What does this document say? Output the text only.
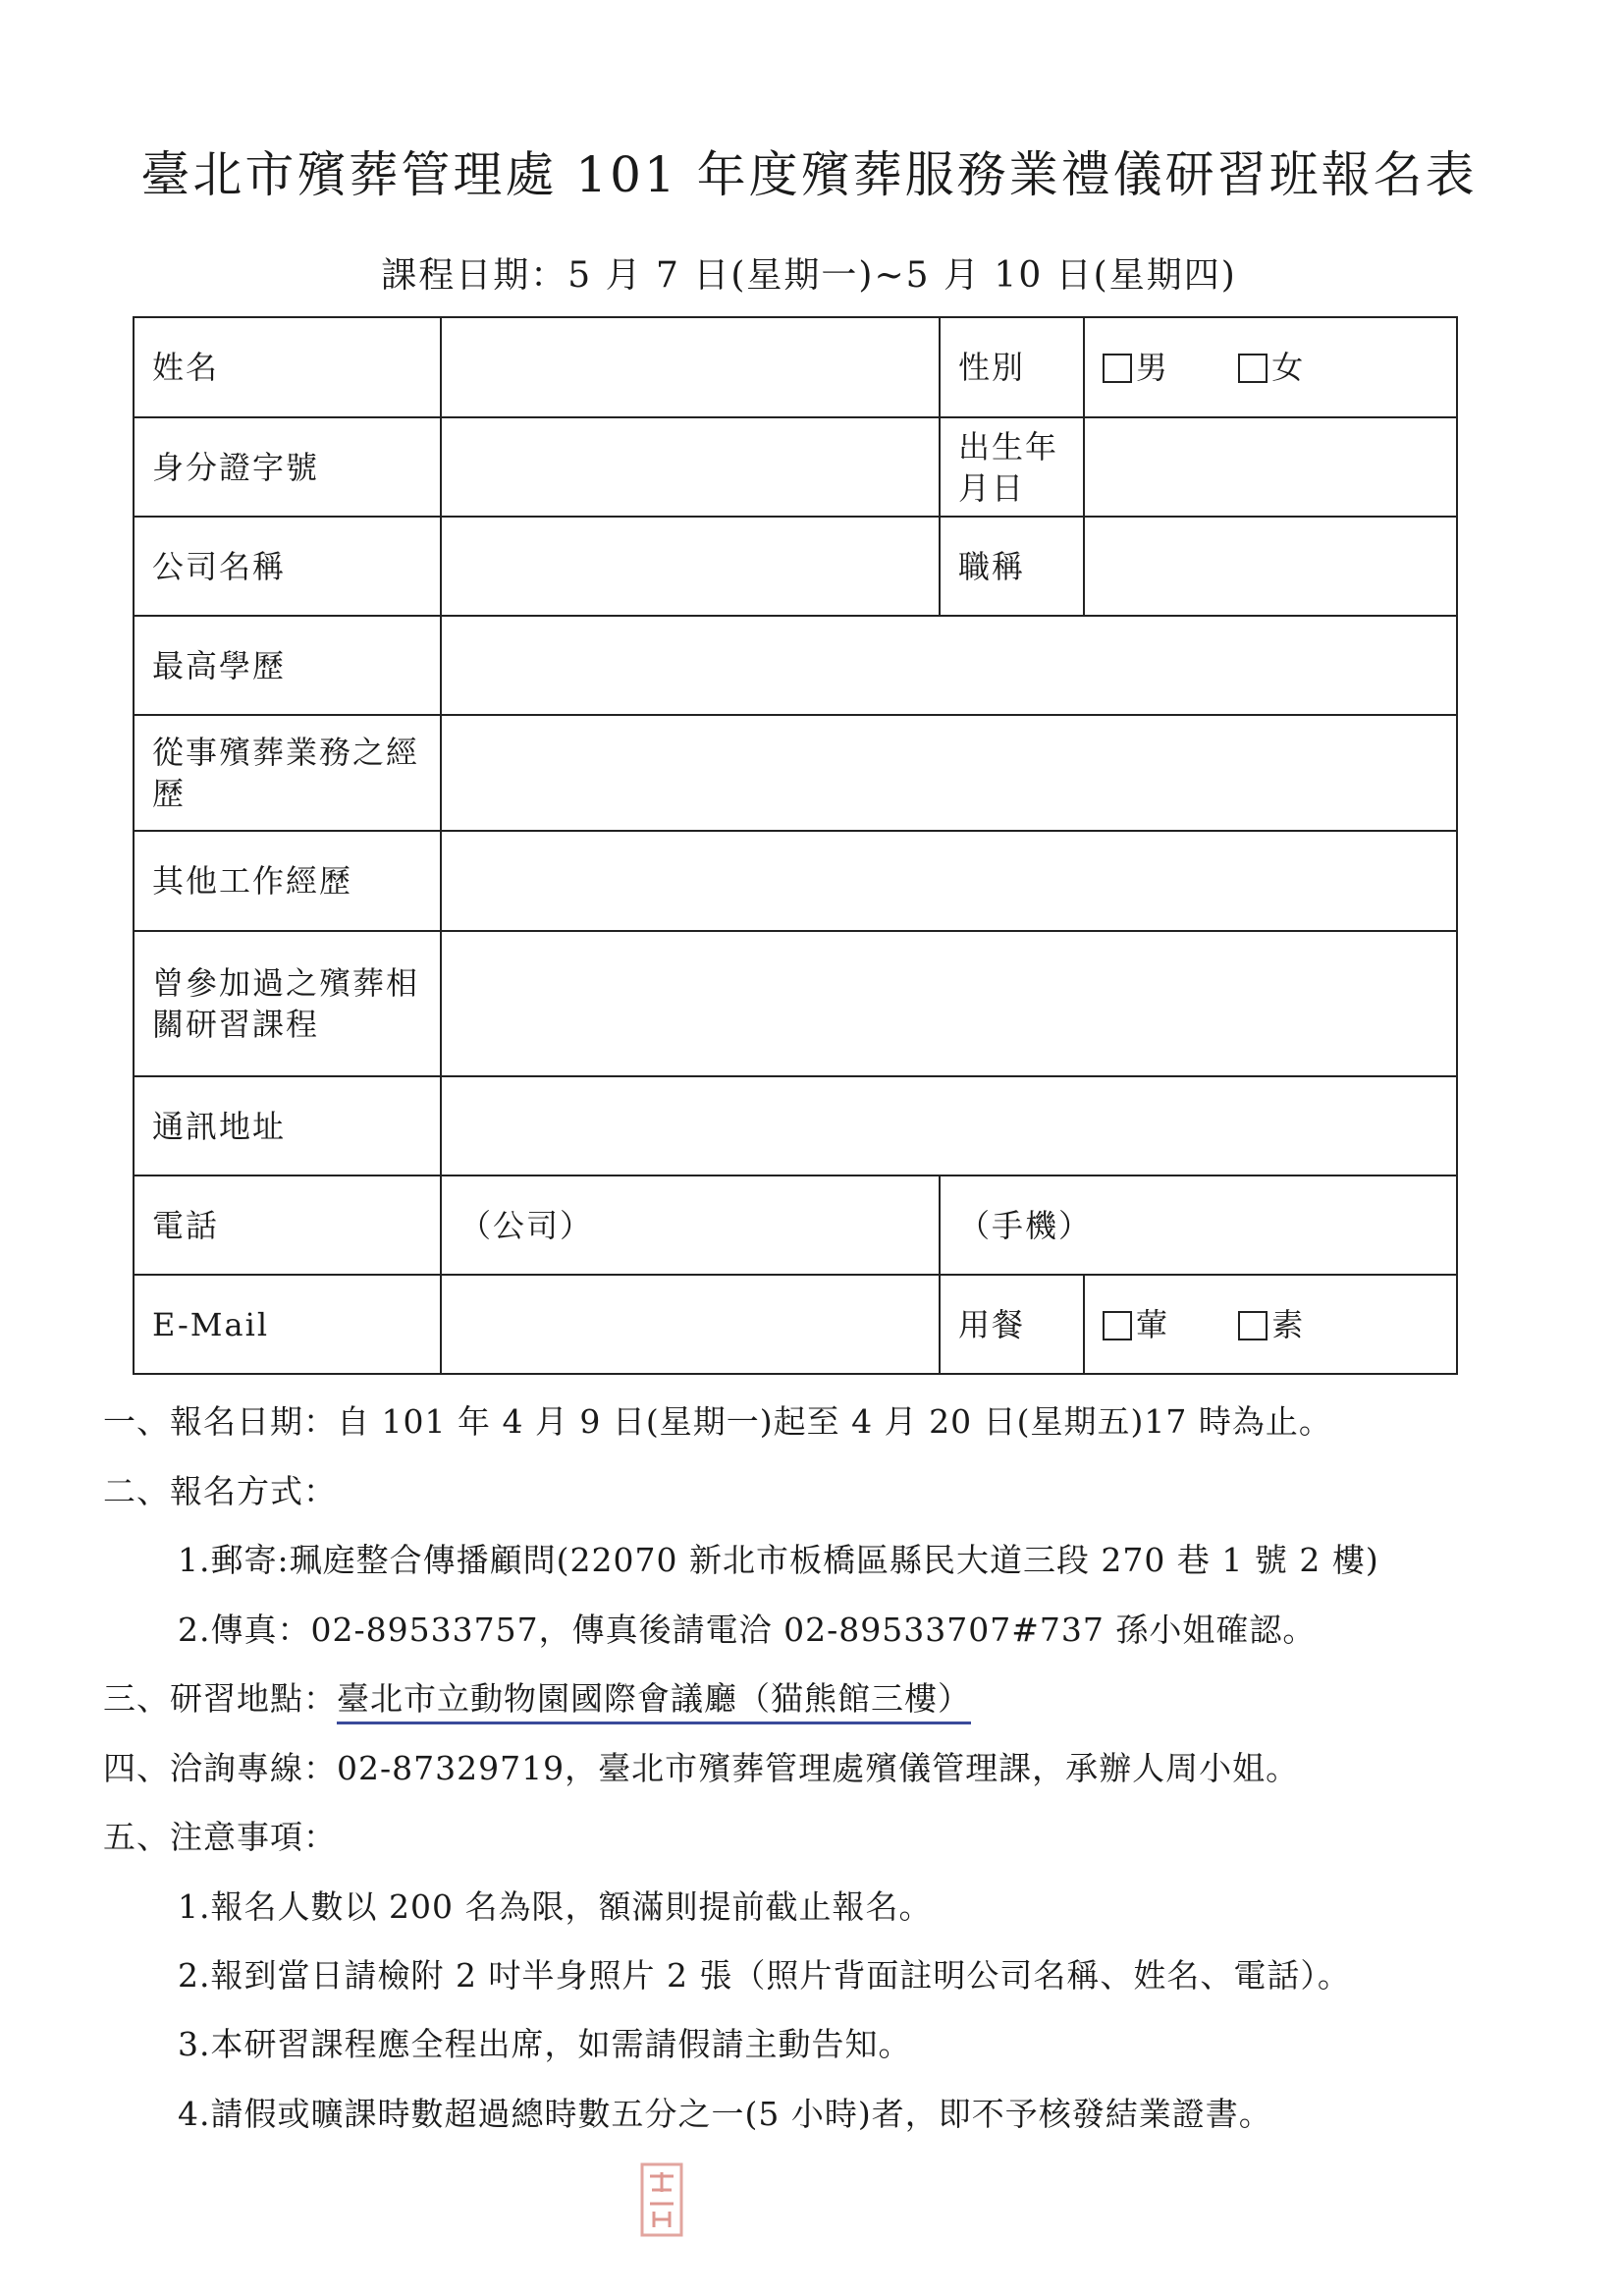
臺北市殯葬管理處 101 年度殯葬服務業禮儀研習班報名表
課程日期：5 月 7 日(星期一)~5 月 10 日(星期四)
姓名		性別	男 女
身分證字號		出生年月日	
公司名稱		職稱	
最高學歷			
從事殯葬業務之經歷			
其他工作經歷			
曾參加過之殯葬相關研習課程			
通訊地址			
電話	（公司）	（手機）	
E-Mail		用餐	葷 素
一、報名日期：自 101 年 4 月 9 日(星期一)起至 4 月 20 日(星期五)17 時為止。
二、報名方式：
1.郵寄:珮庭整合傳播顧問(22070 新北市板橋區縣民大道三段 270 巷 1 號 2 樓)
2.傳真：02-89533757，傳真後請電洽 02-89533707#737 孫小姐確認。
三、研習地點：臺北市立動物園國際會議廳（猫熊館三樓）
四、洽詢專線：02-87329719，臺北市殯葬管理處殯儀管理課，承辦人周小姐。
五、注意事項：
1.報名人數以 200 名為限，額滿則提前截止報名。
2.報到當日請檢附 2 吋半身照片 2 張（照片背面註明公司名稱、姓名、電話）。
3.本研習課程應全程出席，如需請假請主動告知。
4.請假或曠課時數超過總時數五分之一(5 小時)者，即不予核發結業證書。
